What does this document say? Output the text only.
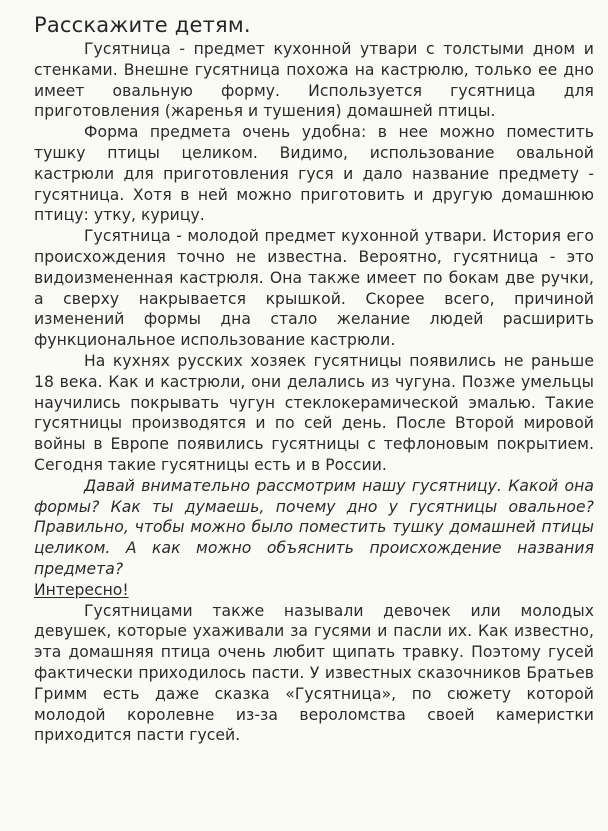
Расскажите детям.

Гусятница - предмет кухонной утвари с толстыми дном и стенками. Внешне гусятница похожа на кастрюлю, только ее дно имеет овальную форму. Используется гусятница для приготовления (жаренья и тушения) домашней птицы.

Форма предмета очень удобна: в нее можно поместить тушку птицы целиком. Видимо, использование овальной кастрюли для приготовления гуся и дало название предмету - гусятница. Хотя в ней можно приготовить и другую домашнюю птицу: утку, курицу.

Гусятница - молодой предмет кухонной утвари. История его происхождения точно не известна. Вероятно, гусятница - это видоизмененная кастрюля. Она также имеет по бокам две ручки, а сверху накрывается крышкой. Скорее всего, причиной изменений формы дна стало желание людей расширить функциональное использование кастрюли.

На кухнях русских хозяек гусятницы появились не раньше 18 века. Как и кастрюли, они делались из чугуна. Позже умельцы научились покрывать чугун стеклокерамической эмалью. Такие гусятницы производятся и по сей день. После Второй мировой войны в Европе появились гусятницы с тефлоновым покрытием. Сегодня такие гусятницы есть и в России.

Давай внимательно рассмотрим нашу гусятницу. Какой она формы? Как ты думаешь, почему дно у гусятницы овальное? Правильно, чтобы можно было поместить тушку домашней птицы целиком. А как можно объяснить происхождение названия предмета?

Интересно!

Гусятницами также называли девочек или молодых девушек, которые ухаживали за гусями и пасли их. Как известно, эта домашняя птица очень любит щипать травку. Поэтому гусей фактически приходилось пасти. У известных сказочников Братьев Гримм есть даже сказка «Гусятница», по сюжету которой молодой королевне из-за вероломства своей камеристки приходится пасти гусей.
